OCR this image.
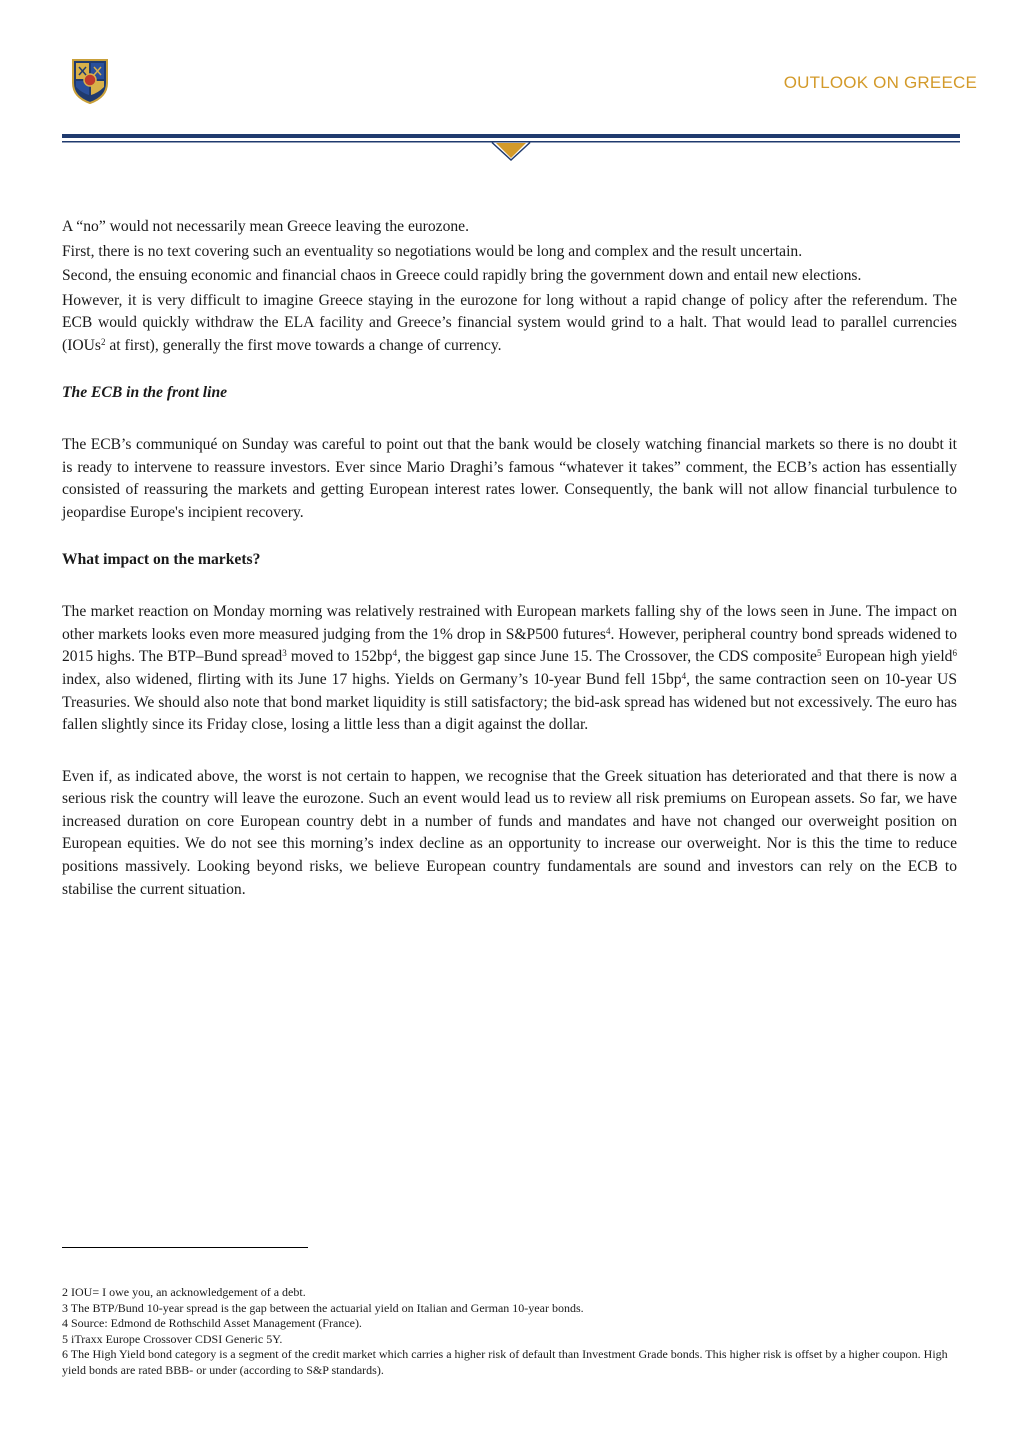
OUTLOOK ON GREECE

A “no” would not necessarily mean Greece leaving the eurozone.

First, there is no text covering such an eventuality so negotiations would be long and complex and the result uncertain.

Second, the ensuing economic and financial chaos in Greece could rapidly bring the government down and entail new elections.

However, it is very difficult to imagine Greece staying in the eurozone for long without a rapid change of policy after the referendum. The ECB would quickly withdraw the ELA facility and Greece’s financial system would grind to a halt. That would lead to parallel currencies (IOUs$^2$ at first), generally the first move towards a change of currency.

The ECB in the front line

The ECB’s communiqué on Sunday was careful to point out that the bank would be closely watching financial markets so there is no doubt it is ready to intervene to reassure investors. Ever since Mario Draghi’s famous “whatever it takes” comment, the ECB’s action has essentially consisted of reassuring the markets and getting European interest rates lower. Consequently, the bank will not allow financial turbulence to jeopardise Europe's incipient recovery.

What impact on the markets?

The market reaction on Monday morning was relatively restrained with European markets falling shy of the lows seen in June. The impact on other markets looks even more measured judging from the 1% drop in S&P500 futures$^4$. However, peripheral country bond spreads widened to 2015 highs. The BTP–Bund spread$^3$ moved to $152bp^4$, the biggest gap since June 15. The Crossover, the CDS composite$^5$ European high yield$^6$ index, also widened, flirting with its June 17 highs. Yields on Germany’s 10-year Bund fell $15bp^4$, the same contraction seen on 10-year US Treasuries. We should also note that bond market liquidity is still satisfactory; the bid-ask spread has widened but not excessively. The euro has fallen slightly since its Friday close, losing a little less than a digit against the dollar.

Even if, as indicated above, the worst is not certain to happen, we recognise that the Greek situation has deteriorated and that there is now a serious risk the country will leave the eurozone. Such an event would lead us to review all risk premiums on European assets. So far, we have increased duration on core European country debt in a number of funds and mandates and have not changed our overweight position on European equities. We do not see this morning’s index decline as an opportunity to increase our overweight. Nor is this the time to reduce positions massively. Looking beyond risks, we believe European country fundamentals are sound and investors can rely on the ECB to stabilise the current situation.

2 IOU= I owe you, an acknowledgement of a debt.
3 The BTP/Bund 10-year spread is the gap between the actuarial yield on Italian and German 10-year bonds.
4 Source: Edmond de Rothschild Asset Management (France).
5 iTraxx Europe Crossover CDSI Generic 5Y.
6 The High Yield bond category is a segment of the credit market which carries a higher risk of default than Investment Grade bonds. This higher risk is offset by a higher coupon. High yield bonds are rated BBB- or under (according to S&P standards).
